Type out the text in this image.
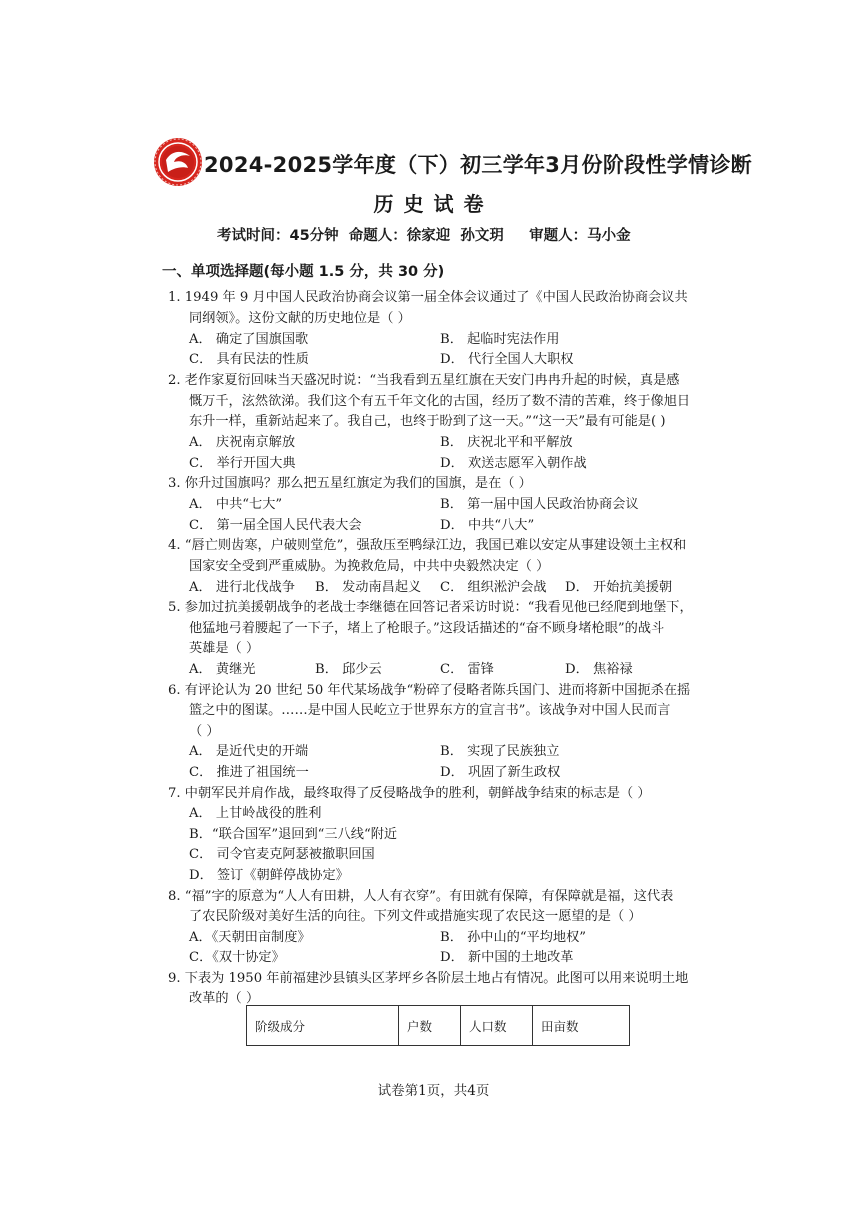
2024-2025学年度（下）初三学年3月份阶段性学情诊断
历史试卷
考试时间：45分钟  命题人：徐家迎  孙文玥     审题人：马小金
一、单项选择题(每小题 1.5 分，共 30 分)
1. 1949 年 9 月中国人民政治协商会议第一届全体会议通过了《中国人民政治协商会议共
同纲领》。这份文献的历史地位是（ ）
A． 确定了国旗国歌	B． 起临时宪法作用
C． 具有民法的性质	D． 代行全国人大职权
2. 老作家夏衍回味当天盛况时说：“当我看到五星红旗在天安门冉冉升起的时候，真是感
慨万千，泫然欲涕。我们这个有五千年文化的古国，经历了数不清的苦难，终于像旭日
东升一样，重新站起来了。我自己，也终于盼到了这一天。”“这一天”最有可能是( )
A． 庆祝南京解放	B． 庆祝北平和平解放
C． 举行开国大典	D． 欢送志愿军入朝作战
3. 你升过国旗吗？那么把五星红旗定为我们的国旗，是在（ ）
A． 中共“七大”	B． 第一届中国人民政治协商会议
C． 第一届全国人民代表大会	D． 中共“八大”
4. “唇亡则齿寒，户破则堂危”，强敌压至鸭绿江边，我国已难以安定从事建设领土主权和
国家安全受到严重威胁。为挽救危局，中共中央毅然决定（ ）
A． 进行北伐战争 B． 发动南昌起义 C． 组织淞沪会战 D． 开始抗美援朝
5. 参加过抗美援朝战争的老战士李继德在回答记者采访时说：“我看见他已经爬到地堡下，
他猛地弓着腰起了一下子，堵上了枪眼子。”这段话描述的“奋不顾身堵枪眼”的战斗
英雄是（ ）
A． 黄继光	B． 邱少云	C． 雷锋	D． 焦裕禄
6. 有评论认为 20 世纪 50 年代某场战争“粉碎了侵略者陈兵国门、进而将新中国扼杀在摇
篮之中的图谋。……是中国人民屹立于世界东方的宣言书”。该战争对中国人民而言
（ ）
A． 是近代史的开端	B． 实现了民族独立
C． 推进了祖国统一	D． 巩固了新生政权
7. 中朝军民并肩作战，最终取得了反侵略战争的胜利，朝鲜战争结束的标志是（ ）
A． 上甘岭战役的胜利
B．“联合国军”退回到“三八线“附近
C． 司令官麦克阿瑟被撤职回国
D． 签订《朝鲜停战协定》
8. “福”字的原意为“人人有田耕，人人有衣穿”。有田就有保障，有保障就是福，这代表
了农民阶级对美好生活的向往。下列文件或措施实现了农民这一愿望的是（ ）
A．《天朝田亩制度》	B． 孙中山的“平均地权”
C．《双十协定》	D． 新中国的土地改革
9. 下表为 1950 年前福建沙县镇头区茅坪乡各阶层土地占有情况。此图可以用来说明土地
改革的（ ）
阶级成分	户数	人口数	田亩数
试卷第1页，共4页
